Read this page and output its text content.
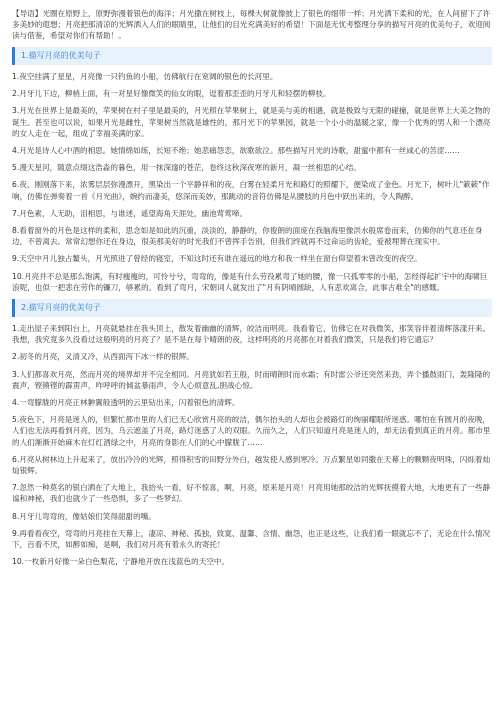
【导语】光圈在原野上，原野弥漫着银色的海洋；月光撒在树枝上，每棵大树就像披上了银色的细带一样；月光洒下柔和的光，在人间留下了许多美妙的遐想；月亮把那清凉的光辉洒入人们的眼睛里，让他们的目光充满美好的希望！下面是无忧考整理分享的描写月亮的优美句子，欢迎阅读与借鉴，希望对你们有帮助！。

1.描写月亮的优美句子

1.夜空挂满了星星，月亮像一只钓鱼的小船，仿佛航行在宽阔的银色的长河里。

2.月牙儿下边，柳梢上面，有一对星好像微笑的仙女的眼，逗着那歪歪的月牙儿和轻摆的柳枝。

3.月光在世界上是最美的，苹果树在村子里是最美的，月光照在苹果树上，就是美与美的相遇，就是极致与无限的碰撞，就是世界上大美之物的诞生。甚至也可以说，如果月光是雌性，苹果树当然就是雄性的，那月光下的苹果园，就是一个小小的温暖之家，像一个优秀的男人和一个漂亮的女人走在一起，组成了幸福美满的家。

4.月光是诗人心中酒的相思。她情绵如练，长短不绝；她悲痛怨恋，欲歌欲泣。那些描写月光的诗歌，甜蜜中都有一丝咸心的苦涩……

5.漫天星河，随意点缀这浩淼的暮色，用一抹深邃的苍茫，卷终这秋深夜寒的新月，凝一丝相思的心结。

6.夜，刚刚落下来，浓雾层层弥漫漂开，黑染出一个平静祥和的夜，白雾在轻柔月光和路灯的照耀下，便染成了金色。月光下，树叶儿"簌簌"作响，仿佛在弹奏着一首《月光曲》，婉约而凄美，悠深而美妙，那跳动的音符仿佛是从腰肢的月色中跃出来的，令人陶醉。

7.月色素，人无助，泪相思，与谁述，遥望海角天涯处，幽池莺莺啼。

8.看着窗外的月色是这样的柔和，思念如是如此的沉重，淡淡的，静静的，你俊朗的面庞在我脑海里像洪水般席卷而来，仿佛你的气息还在身边，不曾离去。常常幻想你还在身边，很美那美好的时光我们不曾挥手告别，但我们终就再不过命运的齿轮，爱被埋葬在现实中。

9.天空中月儿独占鳌头，月光照进了曾经的寝室，不知这时还有谁在遥远的地方和我一样坐在窗台仰望着未曾改变的夜空。

10.月亮并不总是那么饱满，有时瘦瘦的，可怜兮兮，弯弯的，像是有什么劳役累弯了她的腰，像一只孤零零的小船，怎经得起扩宇中的海啸巨浪呢，也似一把悲在劳作的镰刀，够累的。看到了弯月，宋朝词人就发出了"月有阴晴圆缺，人有悲欢离合，此事古难全"的感慨。

2.描写月亮的优美句子

1.走出屋子来到阳台上，月亮就悬挂在我头顶上，散发着幽幽的清辉，皎洁而明亮。我看着它，仿佛它在对我微笑，那笑容伴着清辉落漾开来。我想，我究竟多久没看过这般明亮的月亮了？是不是在每个晴朗的夜，这样明亮的月亮都在对着我们微笑，只是我们将它遗忘？

2.初冬的月亮，又清又冷，从西面泻下冰一样的银辉。

3.人们都喜欢月亮，然而月亮的境界却并不完全相同。月亮犹如若王般，时而晴朗时而水霜；有时雷公爷还突然来劲，弄个播鼓雨门，轰隆隆的震声，铿锵铿的霹雳声，咋呼呼的倾盆暴雨声，令人心烦意乱,胆战心惊。

4.一弯朦胧的月亮正林翀翼般透明的云里钻出来，闪着银色的清辉。

5.夜色下，月亮是迷人的，但繁忙都市里的人们已无心欣赏月亮的皎洁，偶尔抬头的人却也会被路灯的绚丽耀眼所迷惑。哪怕在有圆月的夜晚，人们也无法再看到月亮，因为，乌云遮盖了月亮，路灯迷惑了人的双眼。久而久之，人们只知道月亮是迷人的，却无法看到真正的月亮。都市里的人们渐渐开始麻木在灯红酒绿之中，月亮的身影在人们的心中朦胧了……

6.月亮从树林边上升起来了，放出冷冷的光辉，照得积雪的田野分外白，越发使人感到寒冷。万点繁星如同撒在天幕上的颗颗夜明珠，闪烁着灿灿银辉。

7.忽然一种莫名的银白洒在了大地上，我抬头一看，好不惊喜，啊，月亮，原来是月亮！月亮用她那皎洁的光辉抚摸着大地，大地更有了一些静谧和神秘，我们也就少了一些恐惧，多了一些梦幻。

8.月牙儿弯弯的，像姑娘们笑得甜甜的嘴。

9.再看看夜空，弯弯的月亮挂在天幕上，凄凉、神秘、孤独，致寞、温馨、含情、幽怨，也正是这些，让我们看一眼就忘不了，无论在什么情况下，百看不厌，如醉如痴，是啊，我们对月亮有着永久的寄托！

10.一枚新月好像一朵白色梨花，宁静地开放在浅蓝色的天空中。
